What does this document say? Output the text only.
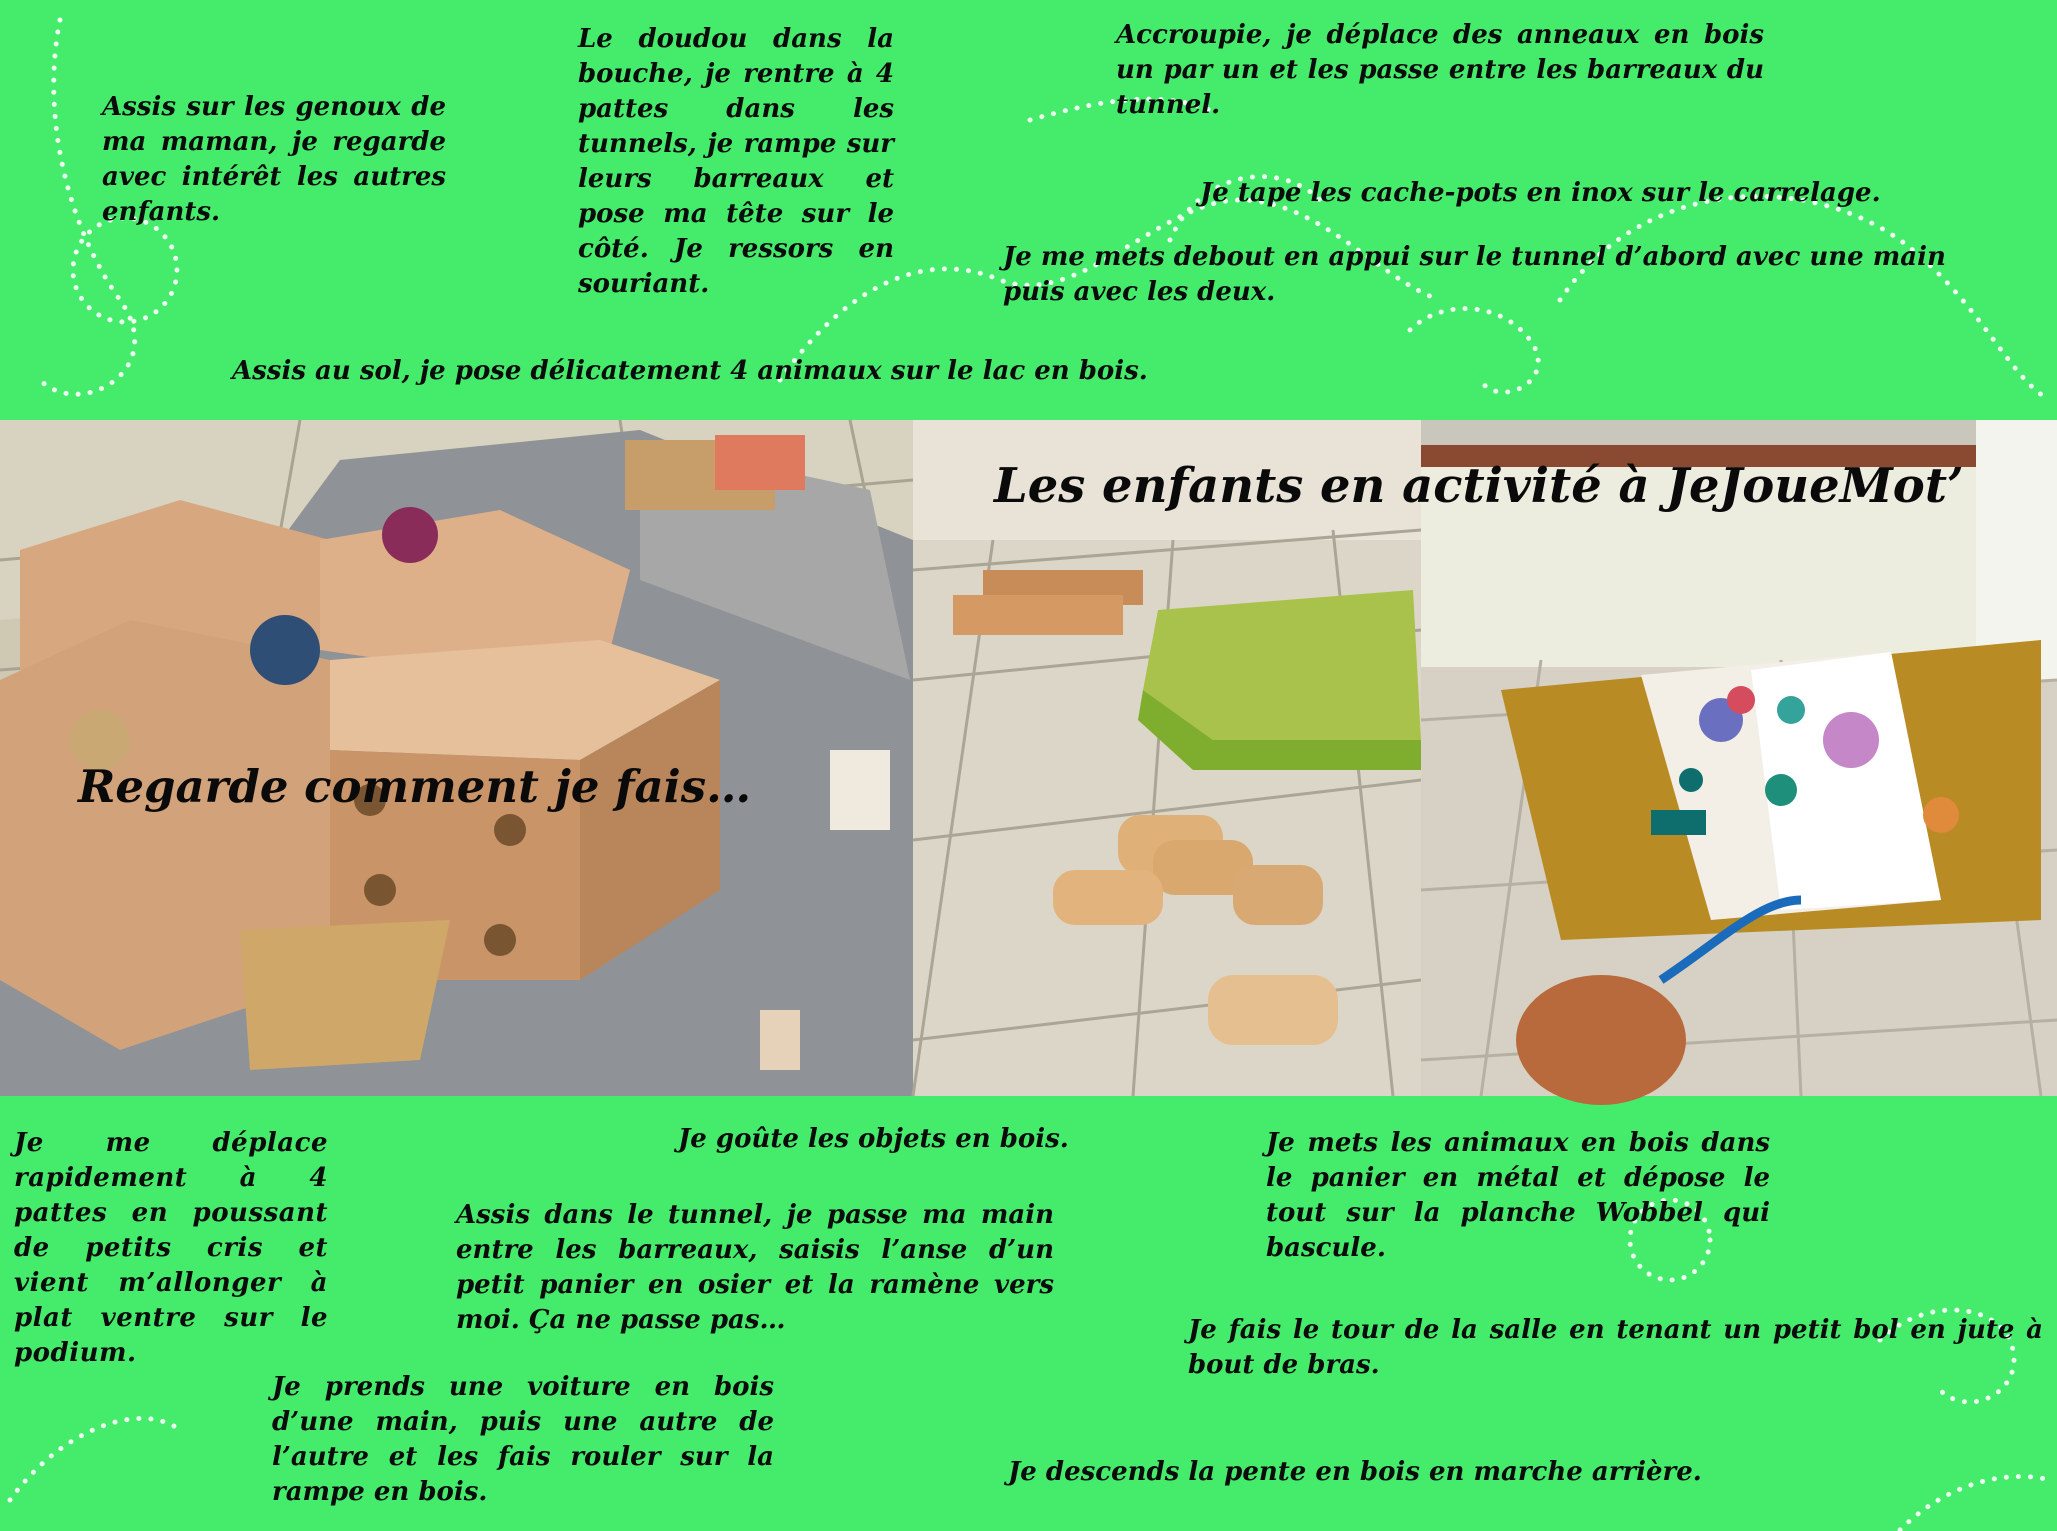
Assis sur les genoux de ma maman, je regarde avec intérêt les autres enfants.

Le doudou dans la bouche, je rentre à 4 pattes dans les tunnels, je rampe sur leurs barreaux et pose ma tête sur le côté. Je ressors en souriant.

Accroupie, je déplace des anneaux en bois un par un et les passe entre les barreaux du tunnel.

Je tape les cache-pots en inox sur le carrelage.

Je me mets debout en appui sur le tunnel d’abord avec une main puis avec les deux.

Assis au sol, je pose délicatement 4 animaux sur le lac en bois.

Regarde comment je fais…

Les enfants en activité à JeJoueMot’

Je me déplace rapidement à 4 pattes en poussant de petits cris et vient m’allonger à plat ventre sur le podium.

Je goûte les objets en bois.

Assis dans le tunnel, je passe ma main entre les barreaux, saisis l’anse d’un petit panier en osier et la ramène vers moi. Ça ne passe pas…

Je prends une voiture en bois d’une main, puis une autre de l’autre et les fais rouler sur la rampe en bois.

Je mets les animaux en bois dans le panier en métal et dépose le tout sur la planche Wobbel qui bascule.

Je fais le tour de la salle en tenant un petit bol en jute à bout de bras.

Je descends la pente en bois en marche arrière.
